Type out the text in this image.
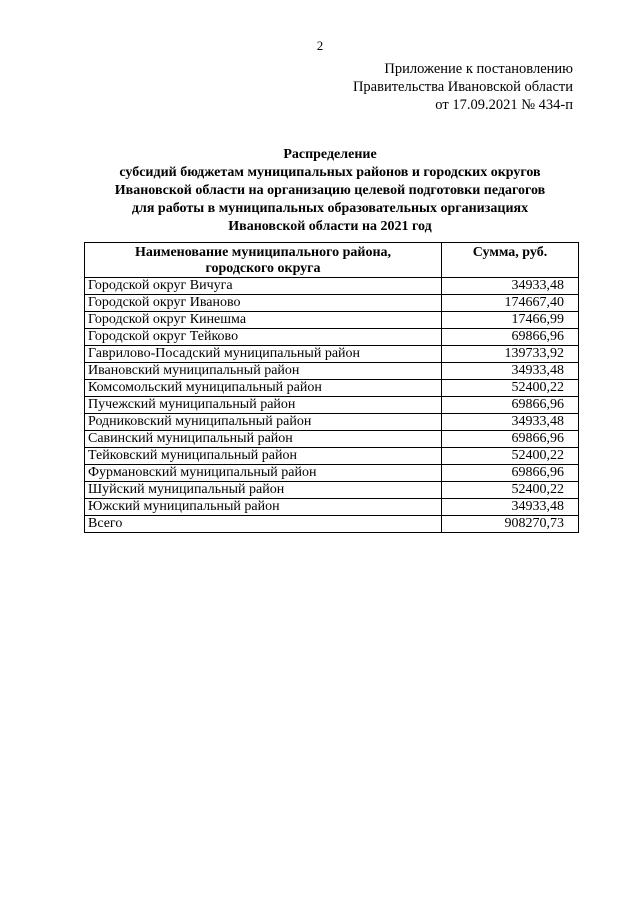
2
Приложение к постановлению
Правительства Ивановской области
от 17.09.2021 № 434-п
Распределение
субсидий бюджетам муниципальных районов и городских округов
Ивановской области на организацию целевой подготовки педагогов
для работы в муниципальных образовательных организациях
Ивановской области на 2021 год
Наименование муниципального района,
городского округа	Сумма, руб.
Городской округ Вичуга	34933,48
Городской округ Иваново	174667,40
Городской округ Кинешма	17466,99
Городской округ Тейково	69866,96
Гаврилово-Посадский муниципальный район	139733,92
Ивановский муниципальный район	34933,48
Комсомольский муниципальный район	52400,22
Пучежский муниципальный район	69866,96
Родниковский муниципальный район	34933,48
Савинский муниципальный район	69866,96
Тейковский муниципальный район	52400,22
Фурмановский муниципальный район	69866,96
Шуйский муниципальный район	52400,22
Южский муниципальный район	34933,48
Всего	908270,73
